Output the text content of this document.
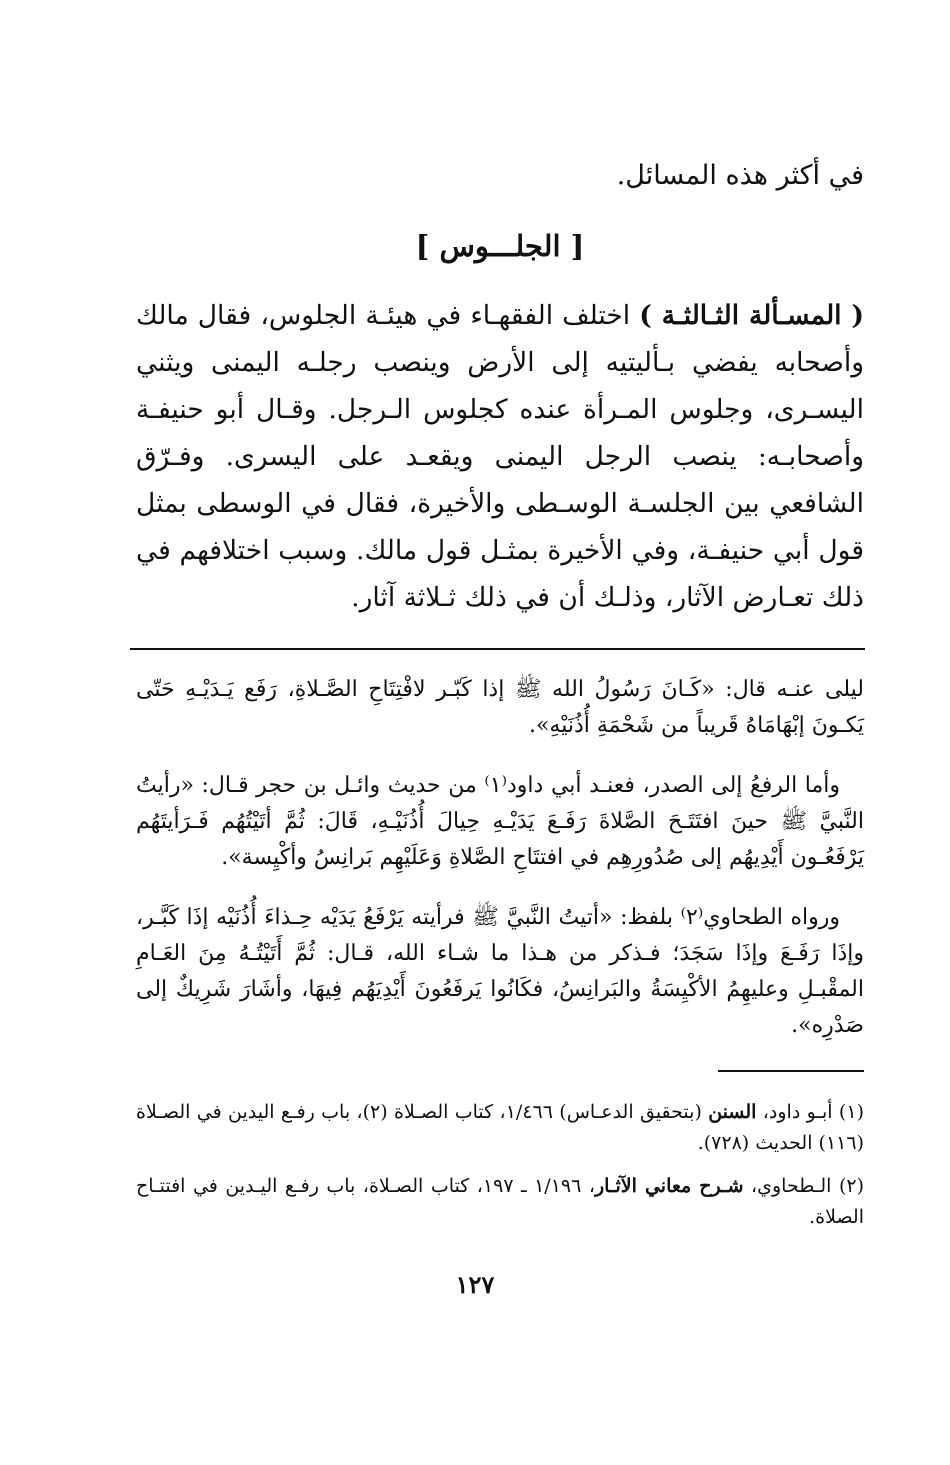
في أكثر هذه المسائل.

[ الجلـــوس ]

( المسـألة الثـالثـة ) اختلف الفقهـاء في هيئـة الجلوس، فقال مالك وأصحابه يفضي بـأليتيه إلى الأرض وينصب رجلـه اليمنى ويثني اليسـرى، وجلوس المـرأة عنده كجلوس الـرجل. وقـال أبو حنيفـة وأصحابـه: ينصب الرجل اليمنى ويقعـد على اليسرى. وفـرّق الشافعي بين الجلسـة الوسـطى والأخيرة، فقال في الوسطى بمثل قول أبي حنيفـة، وفي الأخيرة بمثـل قول مالك. وسبب اختلافهم في ذلك تعـارض الآثار، وذلـك أن في ذلك ثـلاثة آثار.

ليلى عنـه قال: «كَـانَ رَسُولُ الله ﷺ إذا كَبّـر لافْتِتَاحِ الصَّـلاةِ، رَفَع يَـدَيْـهِ حَتّى يَكـونَ إبْهَامَاهُ قَريباً من شَحْمَةِ أُذُنَيْهِ».

وأما الرفعُ إلى الصدر، فعنـد أبي داود⁽١⁾ من حديث وائـل بن حجر قـال: «رأيتُ النَّبيَّ ﷺ حينَ افتَتَـحَ الصَّلاةَ رَفَـعَ يَدَيْـهِ حِيالَ أُذُنَيْـهِ، قَالَ: ثُمَّ أتَيْتُهُم فَـرَأيتَهُم يَرْفَعُـون أَيْدِيهُم إلى صُدُورِهِم في افتتَاحِ الصَّلاةِ وَعَلَيْهِم بَرانِسُ وأكْيِسة».

ورواه الطحاوي⁽٢⁾ بلفظ: «أتيتُ النَّبيَّ ﷺ فرأيته يَرْفَعُ يَدَيْه حِـذاءَ أُذُنَيْه إذَا كَبَّـر، وإذَا رَفَـعَ وإذَا سَجَدَ؛ فـذكر من هـذا ما شـاء الله، قـال: ثُمَّ أَتَيْتُـهُ مِنَ العَـامِ المقْبـلِ وعليهِمُ الأكْيِسَةُ والبَرانِسُ، فكَانُوا يَرفَعُونَ أَيْدِيَهُم فِيهَا، وأشَارَ شَرِيكٌ إلى صَدْرِه».

(١) أبـو داود، السنن (بتحقيق الدعـاس) ١/٤٦٦، كتاب الصـلاة (٢)، باب رفـع اليدين في الصـلاة (١١٦) الحديث (٧٢٨).

(٢) الـطحاوي، شـرح معاني الآثـار، ١/١٩٦ ـ ١٩٧، كتاب الصـلاة، باب رفـع اليـدين في افتتـاح الصلاة.

١٢٧
